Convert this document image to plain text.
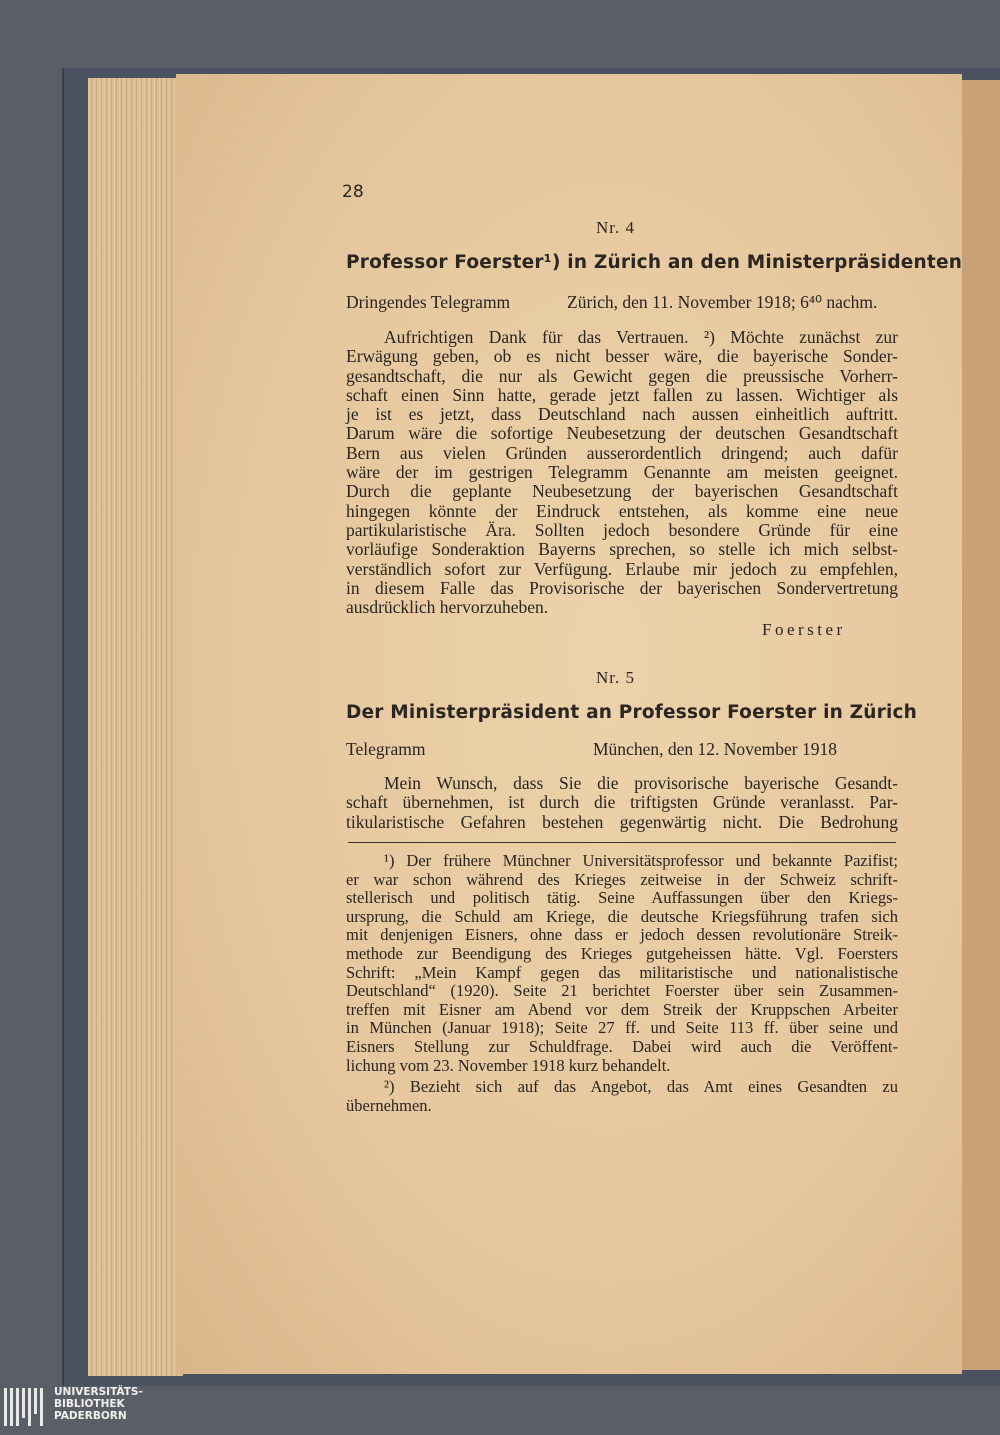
28
Nr. 4
Professor Foerster¹) in Zürich an den Ministerpräsidenten
Dringendes Telegramm	Zürich, den 11. November 1918; 6⁴⁰ nachm.
Aufrichtigen Dank für das Vertrauen. ²) Möchte zunächst zur
Erwägung geben, ob es nicht besser wäre, die bayerische Sonder-
gesandtschaft, die nur als Gewicht gegen die preussische Vorherr-
schaft einen Sinn hatte, gerade jetzt fallen zu lassen. Wichtiger als
je ist es jetzt, dass Deutschland nach aussen einheitlich auftritt.
Darum wäre die sofortige Neubesetzung der deutschen Gesandtschaft
Bern aus vielen Gründen ausserordentlich dringend; auch dafür
wäre der im gestrigen Telegramm Genannte am meisten geeignet.
Durch die geplante Neubesetzung der bayerischen Gesandtschaft
hingegen könnte der Eindruck entstehen, als komme eine neue
partikularistische Ära. Sollten jedoch besondere Gründe für eine
vorläufige Sonderaktion Bayerns sprechen, so stelle ich mich selbst-
verständlich sofort zur Verfügung. Erlaube mir jedoch zu empfehlen,
in diesem Falle das Provisorische der bayerischen Sondervertretung
ausdrücklich hervorzuheben.
Foerster
Nr. 5
Der Ministerpräsident an Professor Foerster in Zürich
Telegramm	München, den 12. November 1918
Mein Wunsch, dass Sie die provisorische bayerische Gesandt-
schaft übernehmen, ist durch die triftigsten Gründe veranlasst. Par-
tikularistische Gefahren bestehen gegenwärtig nicht. Die Bedrohung
¹) Der frühere Münchner Universitätsprofessor und bekannte Pazifist;
er war schon während des Krieges zeitweise in der Schweiz schrift-
stellerisch und politisch tätig. Seine Auffassungen über den Kriegs-
ursprung, die Schuld am Kriege, die deutsche Kriegsführung trafen sich
mit denjenigen Eisners, ohne dass er jedoch dessen revolutionäre Streik-
methode zur Beendigung des Krieges gutgeheissen hätte. Vgl. Foersters
Schrift: „Mein Kampf gegen das militaristische und nationalistische
Deutschland“ (1920). Seite 21 berichtet Foerster über sein Zusammen-
treffen mit Eisner am Abend vor dem Streik der Kruppschen Arbeiter
in München (Januar 1918); Seite 27 ff. und Seite 113 ff. über seine und
Eisners Stellung zur Schuldfrage. Dabei wird auch die Veröffent-
lichung vom 23. November 1918 kurz behandelt.
²) Bezieht sich auf das Angebot, das Amt eines Gesandten zu
übernehmen.
UNIVERSITÄTS-
BIBLIOTHEK
PADERBORN
